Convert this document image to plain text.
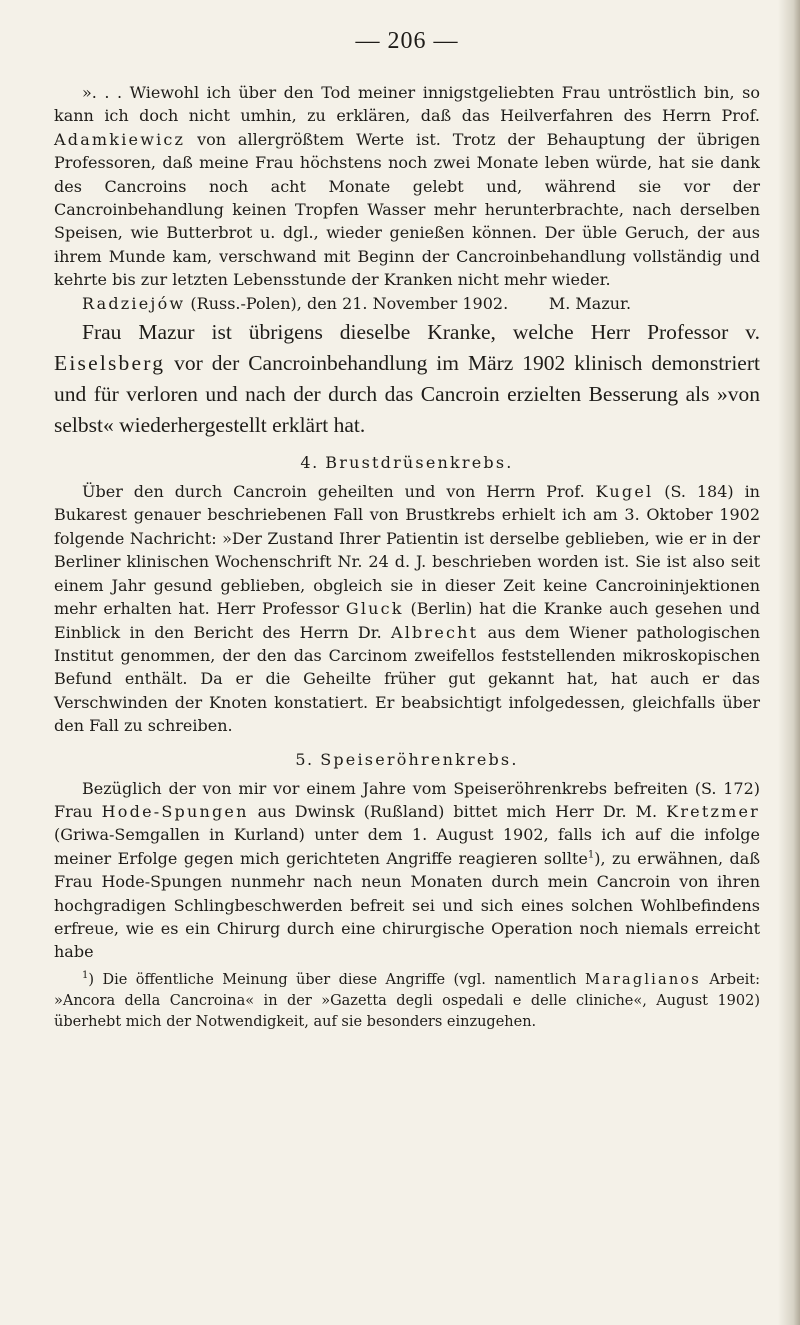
— 206 —

». . . Wiewohl ich über den Tod meiner innigstgeliebten Frau untröstlich bin, so kann ich doch nicht umhin, zu erklären, daß das Heilverfahren des Herrn Prof. Adamkiewicz von allergrößtem Werte ist. Trotz der Behauptung der übrigen Professoren, daß meine Frau höchstens noch zwei Monate leben würde, hat sie dank des Cancroins noch acht Monate gelebt und, während sie vor der Cancroinbehandlung keinen Tropfen Wasser mehr herunterbrachte, nach derselben Speisen, wie Butterbrot u. dgl., wieder genießen können. Der üble Geruch, der aus ihrem Munde kam, verschwand mit Beginn der Cancroinbehandlung vollständig und kehrte bis zur letzten Lebensstunde der Kranken nicht mehr wieder.

Radziejów (Russ.-Polen), den 21. November 1902.        M. Mazur.

Frau Mazur ist übrigens dieselbe Kranke, welche Herr Professor v. Eiselsberg vor der Cancroinbehandlung im März 1902 klinisch demonstriert und für verloren und nach der durch das Cancroin erzielten Besserung als »von selbst« wiederhergestellt erklärt hat.

4. Brustdrüsenkrebs.

Über den durch Cancroin geheilten und von Herrn Prof. Kugel (S. 184) in Bukarest genauer beschriebenen Fall von Brustkrebs erhielt ich am 3. Oktober 1902 folgende Nachricht: »Der Zustand Ihrer Patientin ist derselbe geblieben, wie er in der Berliner klinischen Wochenschrift Nr. 24 d. J. beschrieben worden ist. Sie ist also seit einem Jahr gesund geblieben, obgleich sie in dieser Zeit keine Cancroininjektionen mehr erhalten hat. Herr Professor Gluck (Berlin) hat die Kranke auch gesehen und Einblick in den Bericht des Herrn Dr. Albrecht aus dem Wiener pathologischen Institut genommen, der den das Carcinom zweifellos feststellenden mikroskopischen Befund enthält. Da er die Geheilte früher gut gekannt hat, hat auch er das Verschwinden der Knoten konstatiert. Er beabsichtigt infolgedessen, gleichfalls über den Fall zu schreiben.

5. Speiseröhrenkrebs.

Bezüglich der von mir vor einem Jahre vom Speiseröhrenkrebs befreiten (S. 172) Frau Hode-Spungen aus Dwinsk (Rußland) bittet mich Herr Dr. M. Kretzmer (Griwa-Semgallen in Kurland) unter dem 1. August 1902, falls ich auf die infolge meiner Erfolge gegen mich gerichteten Angriffe reagieren sollte$^1$), zu erwähnen, daß Frau Hode-Spungen nunmehr nach neun Monaten durch mein Cancroin von ihren hochgradigen Schlingbeschwerden befreit sei und sich eines solchen Wohlbefindens erfreue, wie es ein Chirurg durch eine chirurgische Operation noch niemals erreicht habe

$^1$) Die öffentliche Meinung über diese Angriffe (vgl. namentlich Maraglianos Arbeit: »Ancora della Cancroina« in der »Gazetta degli ospedali e delle cliniche«, August 1902) überhebt mich der Notwendigkeit, auf sie besonders einzugehen.
